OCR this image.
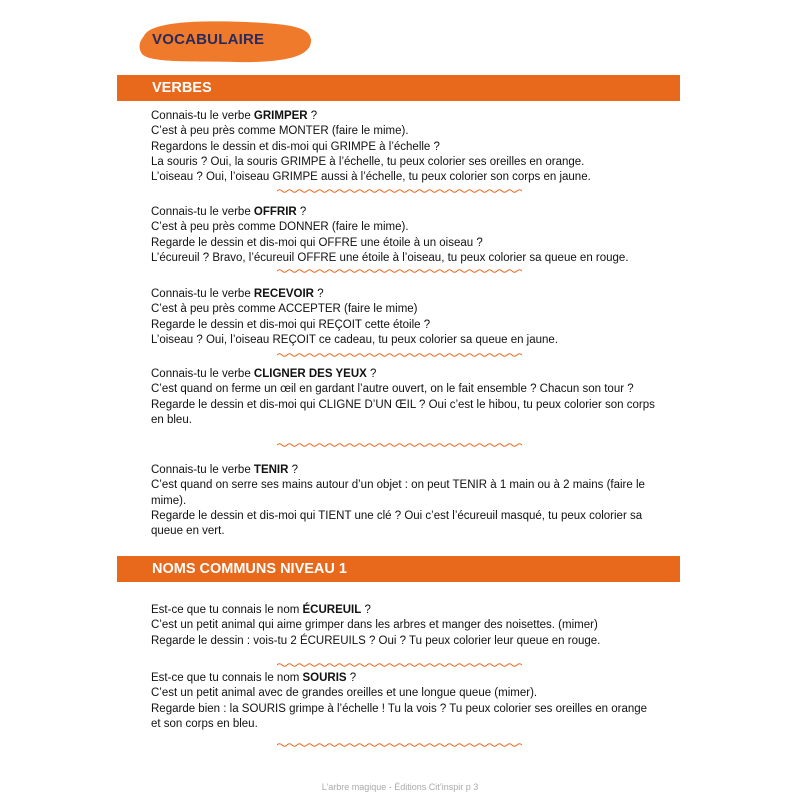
VOCABULAIRE
VERBES

Connais-tu le verbe GRIMPER ?

C’est à peu près comme MONTER (faire le mime).

Regardons le dessin et dis-moi qui GRIMPE à l’échelle ?

La souris ? Oui, la souris GRIMPE à l’échelle, tu peux colorier ses oreilles en orange.

L’oiseau ? Oui, l’oiseau GRIMPE aussi à l’échelle, tu peux colorier son corps en jaune.

Connais-tu le verbe OFFRIR ?

C’est à peu près comme DONNER (faire le mime).

Regarde le dessin et dis-moi qui OFFRE une étoile à un oiseau ?

L’écureuil ? Bravo, l’écureuil OFFRE une étoile à l’oiseau, tu peux colorier sa queue en rouge.

Connais-tu le verbe RECEVOIR ?

C’est à peu près comme ACCEPTER (faire le mime)

Regarde le dessin et dis-moi qui REÇOIT cette étoile ?

L’oiseau ? Oui, l’oiseau REÇOIT ce cadeau, tu peux colorier sa queue en jaune.

Connais-tu le verbe CLIGNER DES YEUX ?

C’est quand on ferme un œil en gardant l’autre ouvert, on le fait ensemble ? Chacun son tour ?

Regarde le dessin et dis-moi qui CLIGNE D’UN ŒIL ? Oui c’est le hibou, tu peux colorier son corps

en bleu.

Connais-tu le verbe TENIR ?

C’est quand on serre ses mains autour d’un objet : on peut TENIR à 1 main ou à 2 mains (faire le

mime).

Regarde le dessin et dis-moi qui TIENT une clé ? Oui c’est l’écureuil masqué, tu peux colorier sa

queue en vert.

NOMS COMMUNS NIVEAU 1

Est-ce que tu connais le nom ÉCUREUIL ?

C’est un petit animal qui aime grimper dans les arbres et manger des noisettes. (mimer)

Regarde le dessin : vois-tu 2 ÉCUREUILS ? Oui ? Tu peux colorier leur queue en rouge.

Est-ce que tu connais le nom SOURIS ?

C’est un petit animal avec de grandes oreilles et une longue queue (mimer).

Regarde bien : la SOURIS grimpe à l’échelle ! Tu la vois ? Tu peux colorier ses oreilles en orange

et son corps en bleu.

L’arbre magique - Éditions Cit’inspir p 3
